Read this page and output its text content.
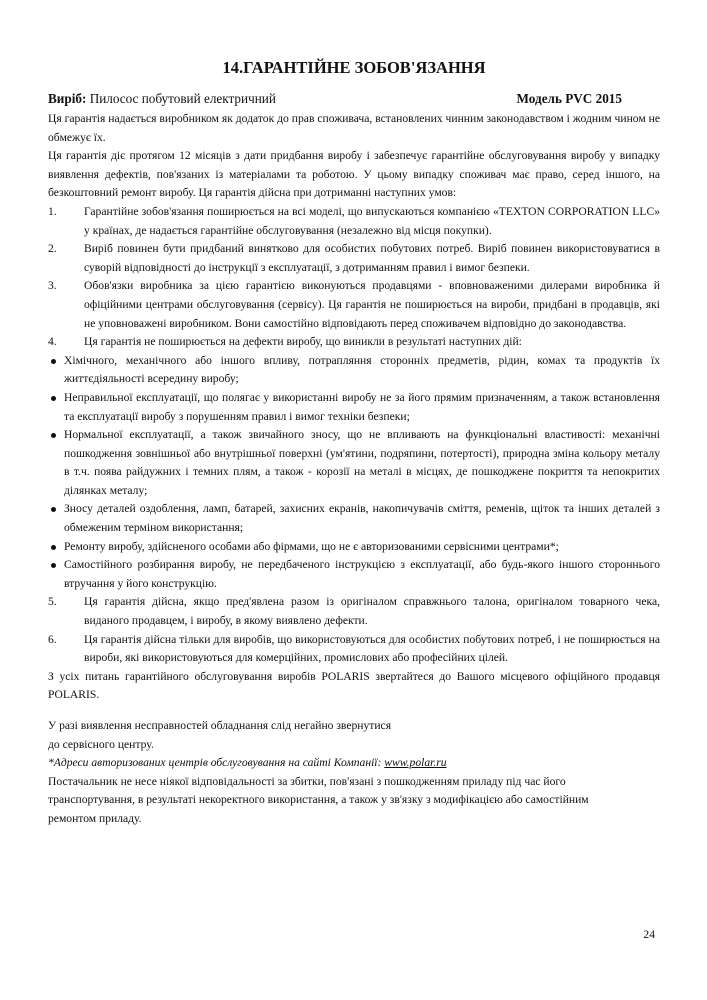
14.ГАРАНТІЙНЕ ЗОБОВ'ЯЗАННЯ
Виріб: Пилосос побутовий електричний	Модель PVC 2015

Ця гарантія надається виробником як додаток до прав споживача, встановлених чинним законодавством і жодним чином не обмежує їх.

Ця гарантія діє протягом 12 місяців з дати придбання виробу і забезпечує гарантійне обслуговування виробу у випадку виявлення дефектів, пов'язаних із матеріалами та роботою. У цьому випадку споживач має право, серед іншого, на безкоштовний ремонт виробу. Ця гарантія дійсна при дотриманні наступних умов:

1.	Гарантійне зобов'язання поширюється на всі моделі, що випускаються компанією «TEXTON CORPORATION LLC» у країнах, де надається гарантійне обслуговування (незалежно від місця покупки).
2.	Виріб повинен бути придбаний винятково для особистих побутових потреб. Виріб повинен використовуватися в суворій відповідності до інструкції з експлуатації, з дотриманням правил і вимог безпеки.
3.	Обов'язки виробника за цією гарантією виконуються продавцями - вповноваженими дилерами виробника й офіційними центрами обслуговування (сервісу). Ця гарантія не поширюється на вироби, придбані в продавців, які не уповноважені виробником. Вони самостійно відповідають перед споживачем відповідно до законодавства.
4.	Ця гарантія не поширюється на дефекти виробу, що виникли в результаті наступних дій:
Хімічного, механічного або іншого впливу, потрапляння сторонніх предметів, рідин, комах та продуктів їх життєдіяльності всередину виробу;
Неправильної експлуатації, що полягає у використанні виробу не за його прямим призначенням, а також встановлення та експлуатації виробу з порушенням правил і вимог техніки безпеки;
Нормальної експлуатації, а також звичайного зносу, що не впливають на функціональні властивості: механічні пошкодження зовнішньої або внутрішньої поверхні (ум'ятини, подряпини, потертості), природна зміна кольору металу в т.ч. поява райдужних і темних плям, а також - корозії на металі в місцях, де пошкоджене покриття та непокритих ділянках металу;
Зносу деталей оздоблення, ламп, батарей, захисних екранів, накопичувачів сміття, ременів, щіток та інших деталей з обмеженим терміном використання;
Ремонту виробу, здійсненого особами або фірмами, що не є авторизованими сервісними центрами*;
Самостійного розбирання виробу, не передбаченого інструкцією з експлуатації, або будь-якого іншого стороннього втручання у його конструкцію.
5.	Ця гарантія дійсна, якщо пред'явлена разом із оригіналом справжнього талона, оригіналом товарного чека, виданого продавцем, і виробу, в якому виявлено дефекти.
6.	Ця гарантія дійсна тільки для виробів, що використовуються для особистих побутових потреб, і не поширюється на вироби, які використовуються для комерційних, промислових або професійних цілей.

З усіх питань гарантійного обслуговування виробів POLARIS звертайтеся до Вашого місцевого офіційного продавця POLARIS.

У разі виявлення несправностей обладнання слід негайно звернутися
до сервісного центру.
*Адреси авторизованих центрів обслуговування на сайті Компанії: www.polar.ru
Постачальник не несе ніякої відповідальності за збитки, пов'язані з пошкодженням приладу під час його
транспортування, в результаті некоректного використання, а також у зв'язку з модифікацією або самостійним
ремонтом приладу.
24
